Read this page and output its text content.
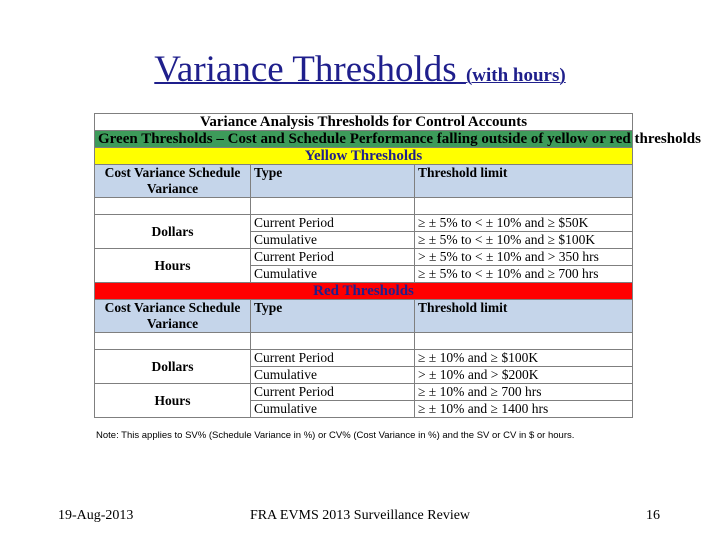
Variance Thresholds (with hours)
Variance Analysis Thresholds for Control Accounts		
Green Thresholds – Cost and Schedule Performance falling outside of yellow or red thresholds		
Yellow Thresholds		
Cost Variance Schedule Variance	Type	Threshold limit

Dollars	Current Period	≥ ± 5% to < ± 10% and ≥ $50K
	Cumulative	≥ ± 5% to < ± 10% and ≥ $100K
Hours	Current Period	> ± 5% to < ± 10% and > 350 hrs
	Cumulative	≥ ± 5% to < ± 10% and ≥ 700 hrs
Red Thresholds		
Cost Variance Schedule Variance	Type	Threshold limit

Dollars	Current Period	≥ ± 10% and ≥ $100K
	Cumulative	> ± 10% and > $200K
Hours	Current Period	≥ ± 10% and ≥ 700 hrs
	Cumulative	≥ ± 10% and ≥ 1400 hrs
Note: This applies to SV% (Schedule Variance in %) or CV% (Cost Variance in %) and the SV or CV in $ or hours.
19-Aug-2013	FRA EVMS 2013 Surveillance Review	16
